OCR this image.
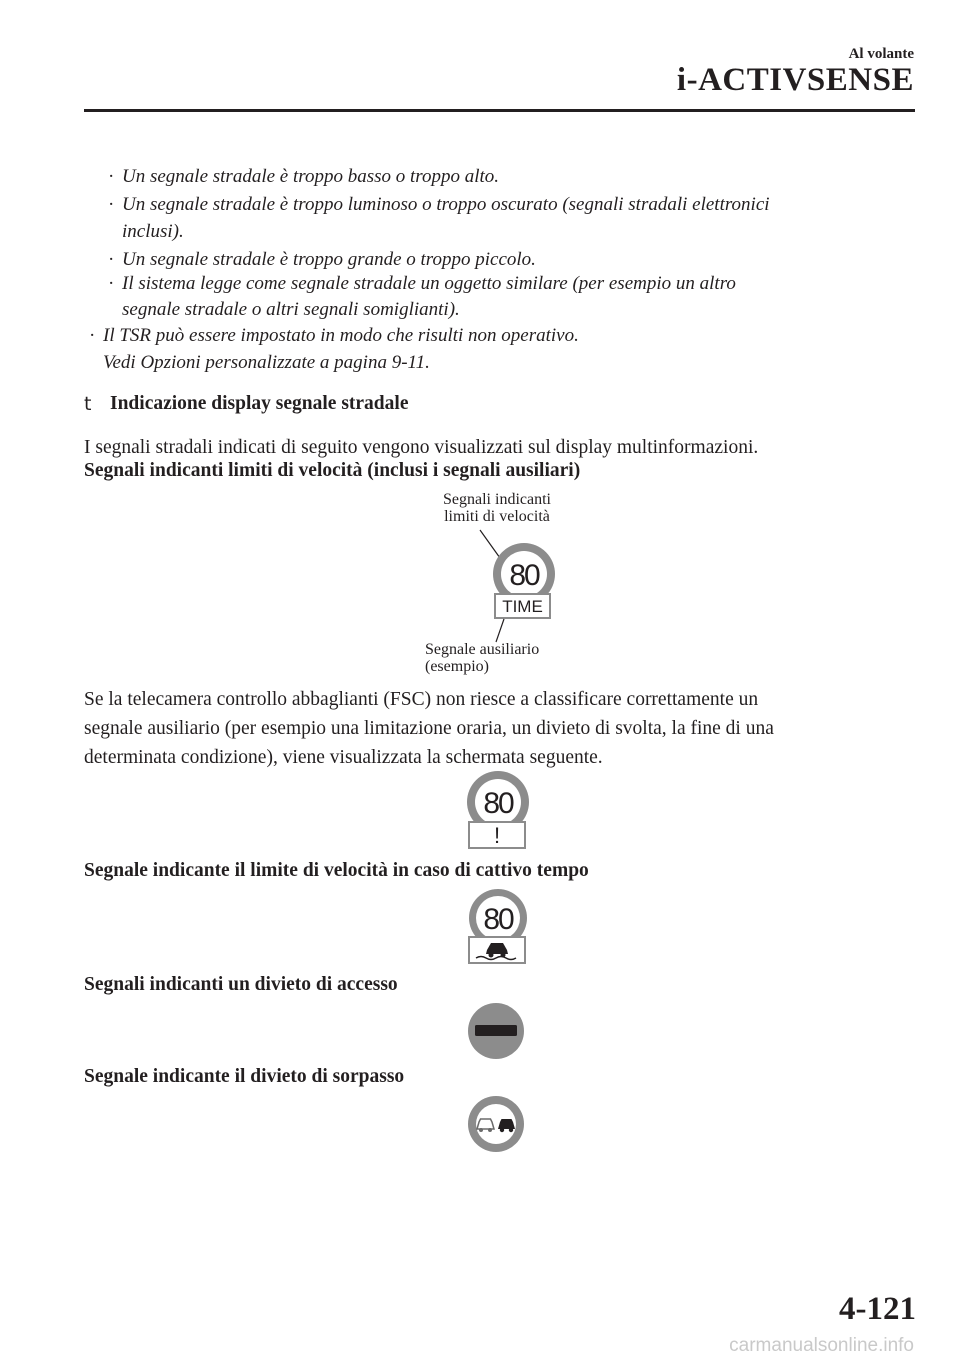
Al volante
i-ACTIVSENSE
· Un segnale stradale è troppo basso o troppo alto.
· Un segnale stradale è troppo luminoso o troppo oscurato (segnali stradali elettronici
inclusi).
· Un segnale stradale è troppo grande o troppo piccolo.
· Il sistema legge come segnale stradale un oggetto similare (per esempio un altro
segnale stradale o altri segnali somiglianti).
· Il TSR può essere impostato in modo che risulti non operativo.
Vedi Opzioni personalizzate a pagina 9-11.
t Indicazione display segnale stradale
I segnali stradali indicati di seguito vengono visualizzati sul display multinformazioni.
Segnali indicanti limiti di velocità (inclusi i segnali ausiliari)
Segnali indicanti
limiti di velocità
80
TIME
Segnale ausiliario
(esempio)
Se la telecamera controllo abbaglianti (FSC) non riesce a classificare correttamente un
segnale ausiliario (per esempio una limitazione oraria, un divieto di svolta, la fine di una
determinata condizione), viene visualizzata la schermata seguente.
80
!
Segnale indicante il limite di velocità in caso di cattivo tempo
80
Segnali indicanti un divieto di accesso
Segnale indicante il divieto di sorpasso
4-121
carmanualsonline.info
